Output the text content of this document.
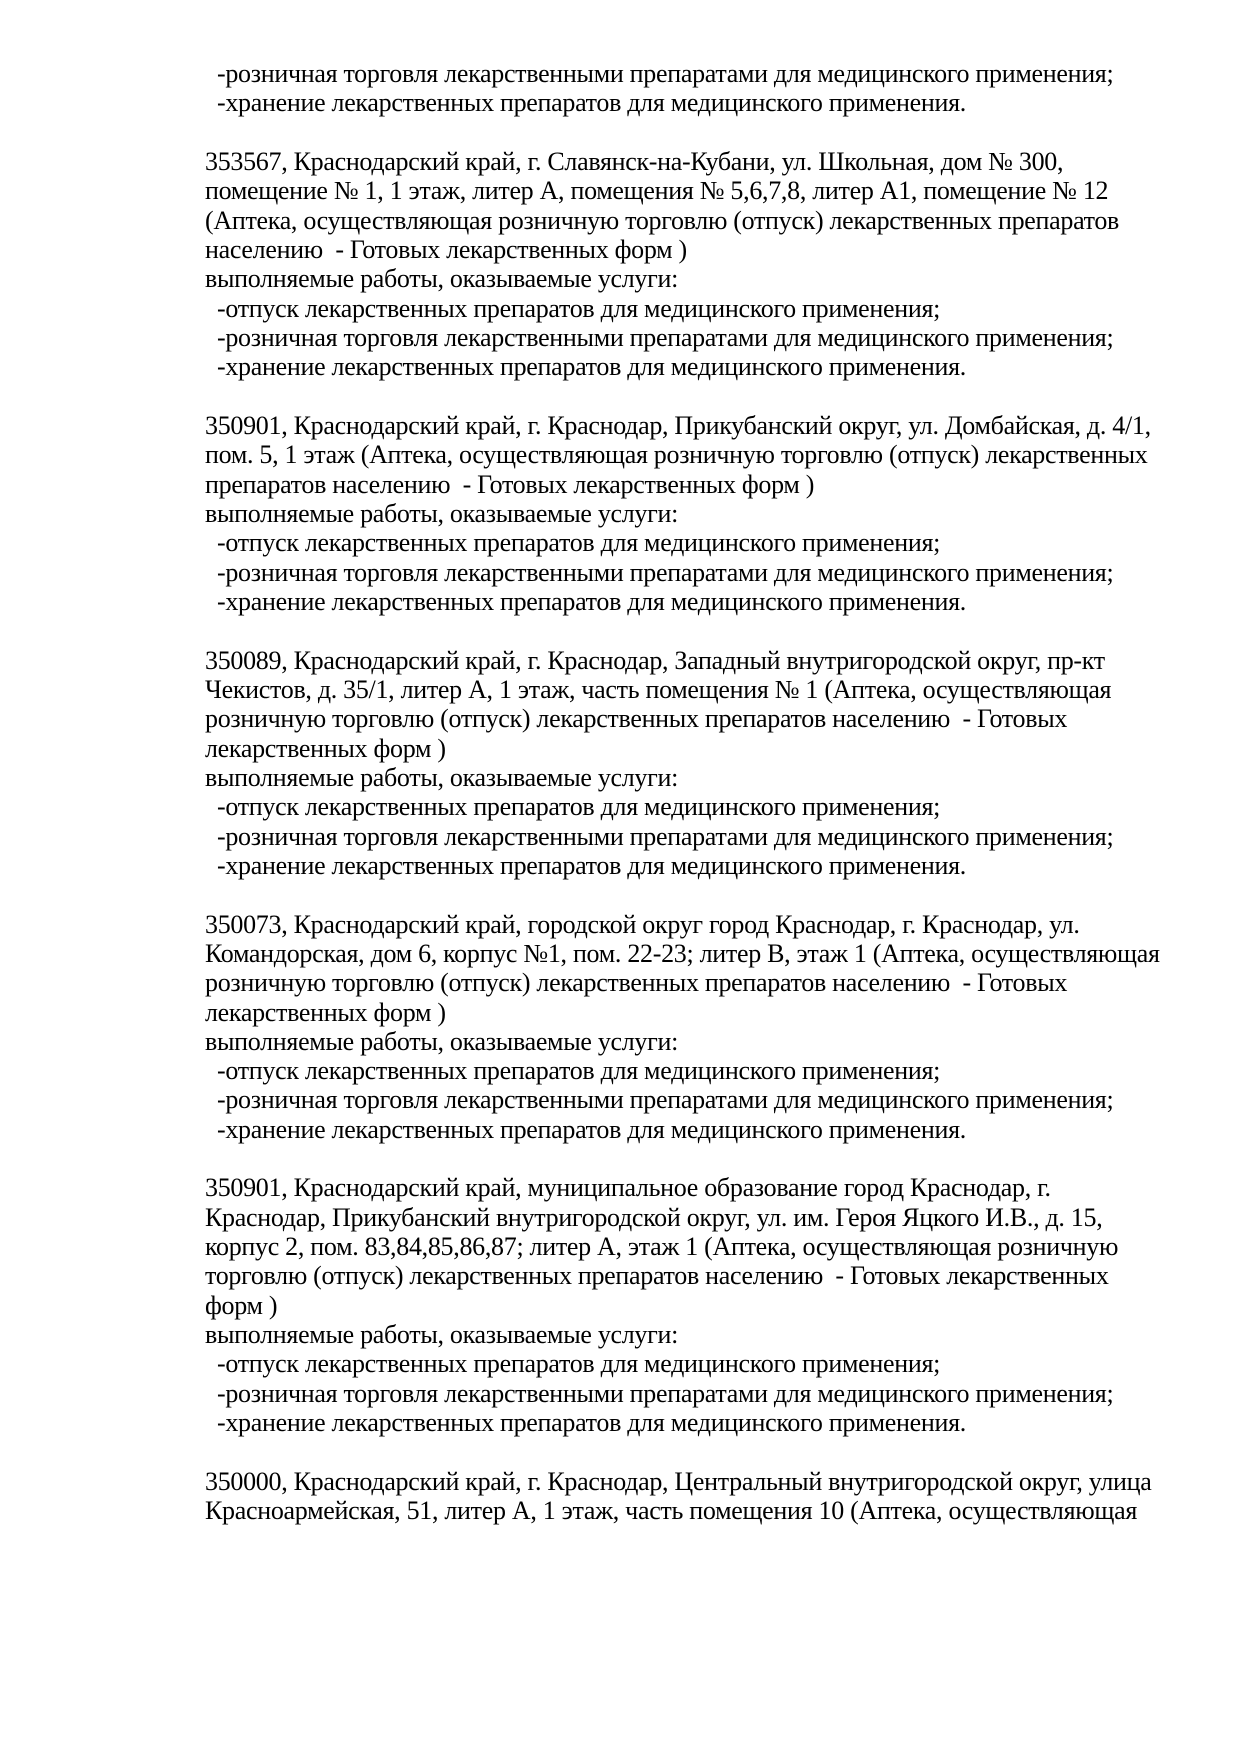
-розничная торговля лекарственными препаратами для медицинского применения;
-хранение лекарственных препаратов для медицинского применения.
353567, Краснодарский край, г. Славянск-на-Кубани, ул. Школьная, дом № 300,
помещение № 1, 1 этаж, литер А, помещения № 5,6,7,8, литер А1, помещение № 12
(Аптека, осуществляющая розничную торговлю (отпуск) лекарственных препаратов
населению  - Готовых лекарственных форм )
выполняемые работы, оказываемые услуги:
-отпуск лекарственных препаратов для медицинского применения;
-розничная торговля лекарственными препаратами для медицинского применения;
-хранение лекарственных препаратов для медицинского применения.
350901, Краснодарский край, г. Краснодар, Прикубанский округ, ул. Домбайская, д. 4/1,
пом. 5, 1 этаж (Аптека, осуществляющая розничную торговлю (отпуск) лекарственных
препаратов населению  - Готовых лекарственных форм )
выполняемые работы, оказываемые услуги:
-отпуск лекарственных препаратов для медицинского применения;
-розничная торговля лекарственными препаратами для медицинского применения;
-хранение лекарственных препаратов для медицинского применения.
350089, Краснодарский край, г. Краснодар, Западный внутригородской округ, пр-кт
Чекистов, д. 35/1, литер А, 1 этаж, часть помещения № 1 (Аптека, осуществляющая
розничную торговлю (отпуск) лекарственных препаратов населению  - Готовых
лекарственных форм )
выполняемые работы, оказываемые услуги:
-отпуск лекарственных препаратов для медицинского применения;
-розничная торговля лекарственными препаратами для медицинского применения;
-хранение лекарственных препаратов для медицинского применения.
350073, Краснодарский край, городской округ город Краснодар, г. Краснодар, ул.
Командорская, дом 6, корпус №1, пом. 22-23; литер В, этаж 1 (Аптека, осуществляющая
розничную торговлю (отпуск) лекарственных препаратов населению  - Готовых
лекарственных форм )
выполняемые работы, оказываемые услуги:
-отпуск лекарственных препаратов для медицинского применения;
-розничная торговля лекарственными препаратами для медицинского применения;
-хранение лекарственных препаратов для медицинского применения.
350901, Краснодарский край, муниципальное образование город Краснодар, г.
Краснодар, Прикубанский внутригородской округ, ул. им. Героя Яцкого И.В., д. 15,
корпус 2, пом. 83,84,85,86,87; литер А, этаж 1 (Аптека, осуществляющая розничную
торговлю (отпуск) лекарственных препаратов населению  - Готовых лекарственных
форм )
выполняемые работы, оказываемые услуги:
-отпуск лекарственных препаратов для медицинского применения;
-розничная торговля лекарственными препаратами для медицинского применения;
-хранение лекарственных препаратов для медицинского применения.
350000, Краснодарский край, г. Краснодар, Центральный внутригородской округ, улица
Красноармейская, 51, литер А, 1 этаж, часть помещения 10 (Аптека, осуществляющая
